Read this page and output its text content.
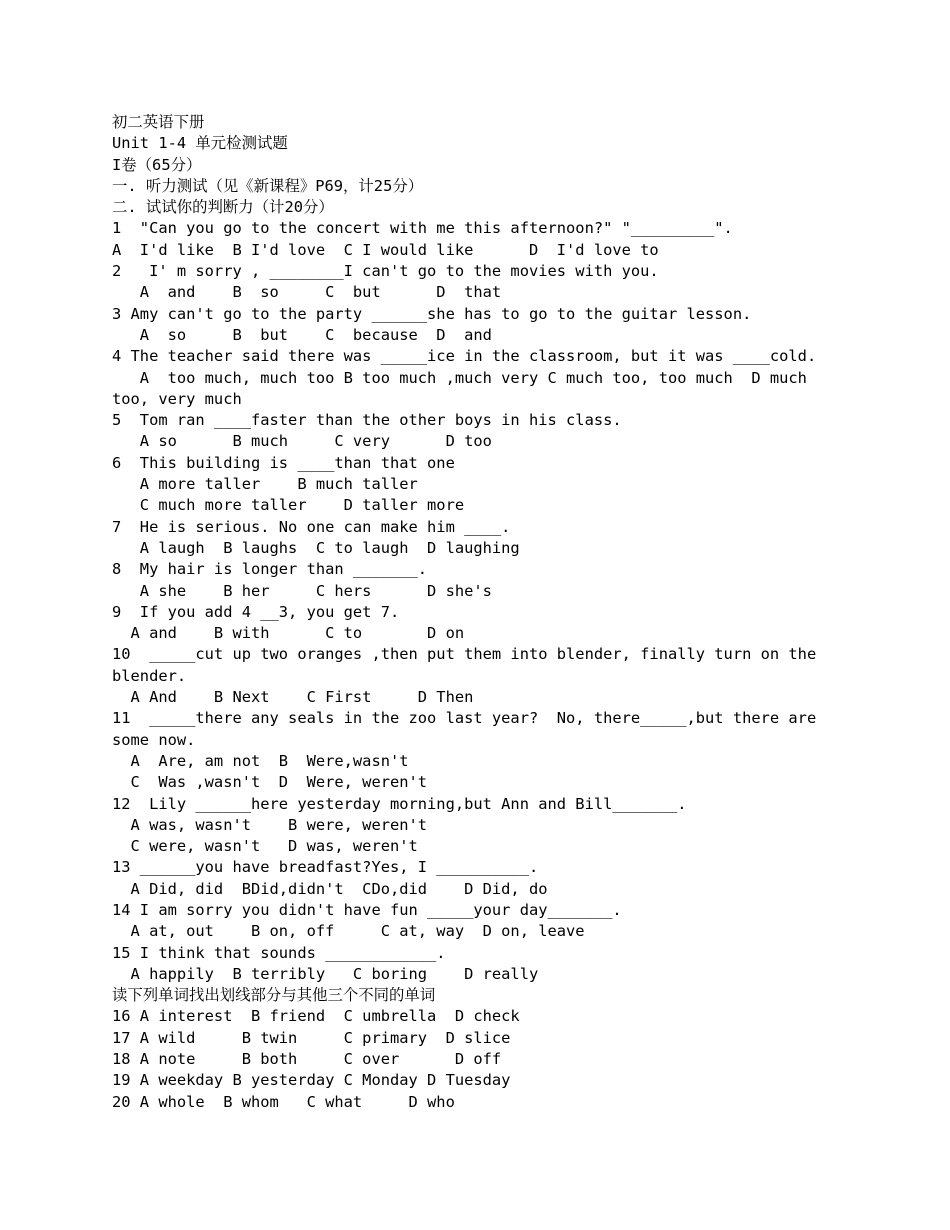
初二英语下册
Unit 1-4 单元检测试题
I卷（65分）
一. 听力测试（见《新课程》P69，计25分）
二. 试试你的判断力（计20分）
1  "Can you go to the concert with me this afternoon?" "_________".
A  I'd like  B I'd love  C I would like      D  I'd love to
2   I' m sorry , ________I can't go to the movies with you.
A  and    B  so     C  but      D  that
3 Amy can't go to the party ______she has to go to the guitar lesson.
A  so     B  but    C  because  D  and
4 The teacher said there was _____ice in the classroom, but it was ____cold.
A  too much, much too B too much ,much very C much too, too much  D much
too, very much
5  Tom ran ____faster than the other boys in his class.
A so      B much     C very      D too
6  This building is ____than that one
A more taller    B much taller
C much more taller    D taller more
7  He is serious. No one can make him ____.
A laugh  B laughs  C to laugh  D laughing
8  My hair is longer than _______.
A she    B her     C hers      D she's
9  If you add 4 __3, you get 7.
A and    B with      C to       D on
10  _____cut up two oranges ,then put them into blender, finally turn on the
blender.
A And    B Next    C First     D Then
11  _____there any seals in the zoo last year?  No, there_____,but there are
some now.
A  Are, am not  B  Were,wasn't
C  Was ,wasn't  D  Were, weren't
12  Lily ______here yesterday morning,but Ann and Bill_______.
A was, wasn't    B were, weren't
C were, wasn't   D was, weren't
13 ______you have breadfast?Yes, I __________.
A Did, did  BDid,didn't  CDo,did    D Did, do
14 I am sorry you didn't have fun _____your day_______.
A at, out    B on, off     C at, way  D on, leave
15 I think that sounds ____________.
A happily  B terribly   C boring    D really
读下列单词找出划线部分与其他三个不同的单词
16 A interest  B friend  C umbrella  D check
17 A wild     B twin     C primary  D slice
18 A note     B both     C over      D off
19 A weekday B yesterday C Monday D Tuesday
20 A whole  B whom   C what     D who
